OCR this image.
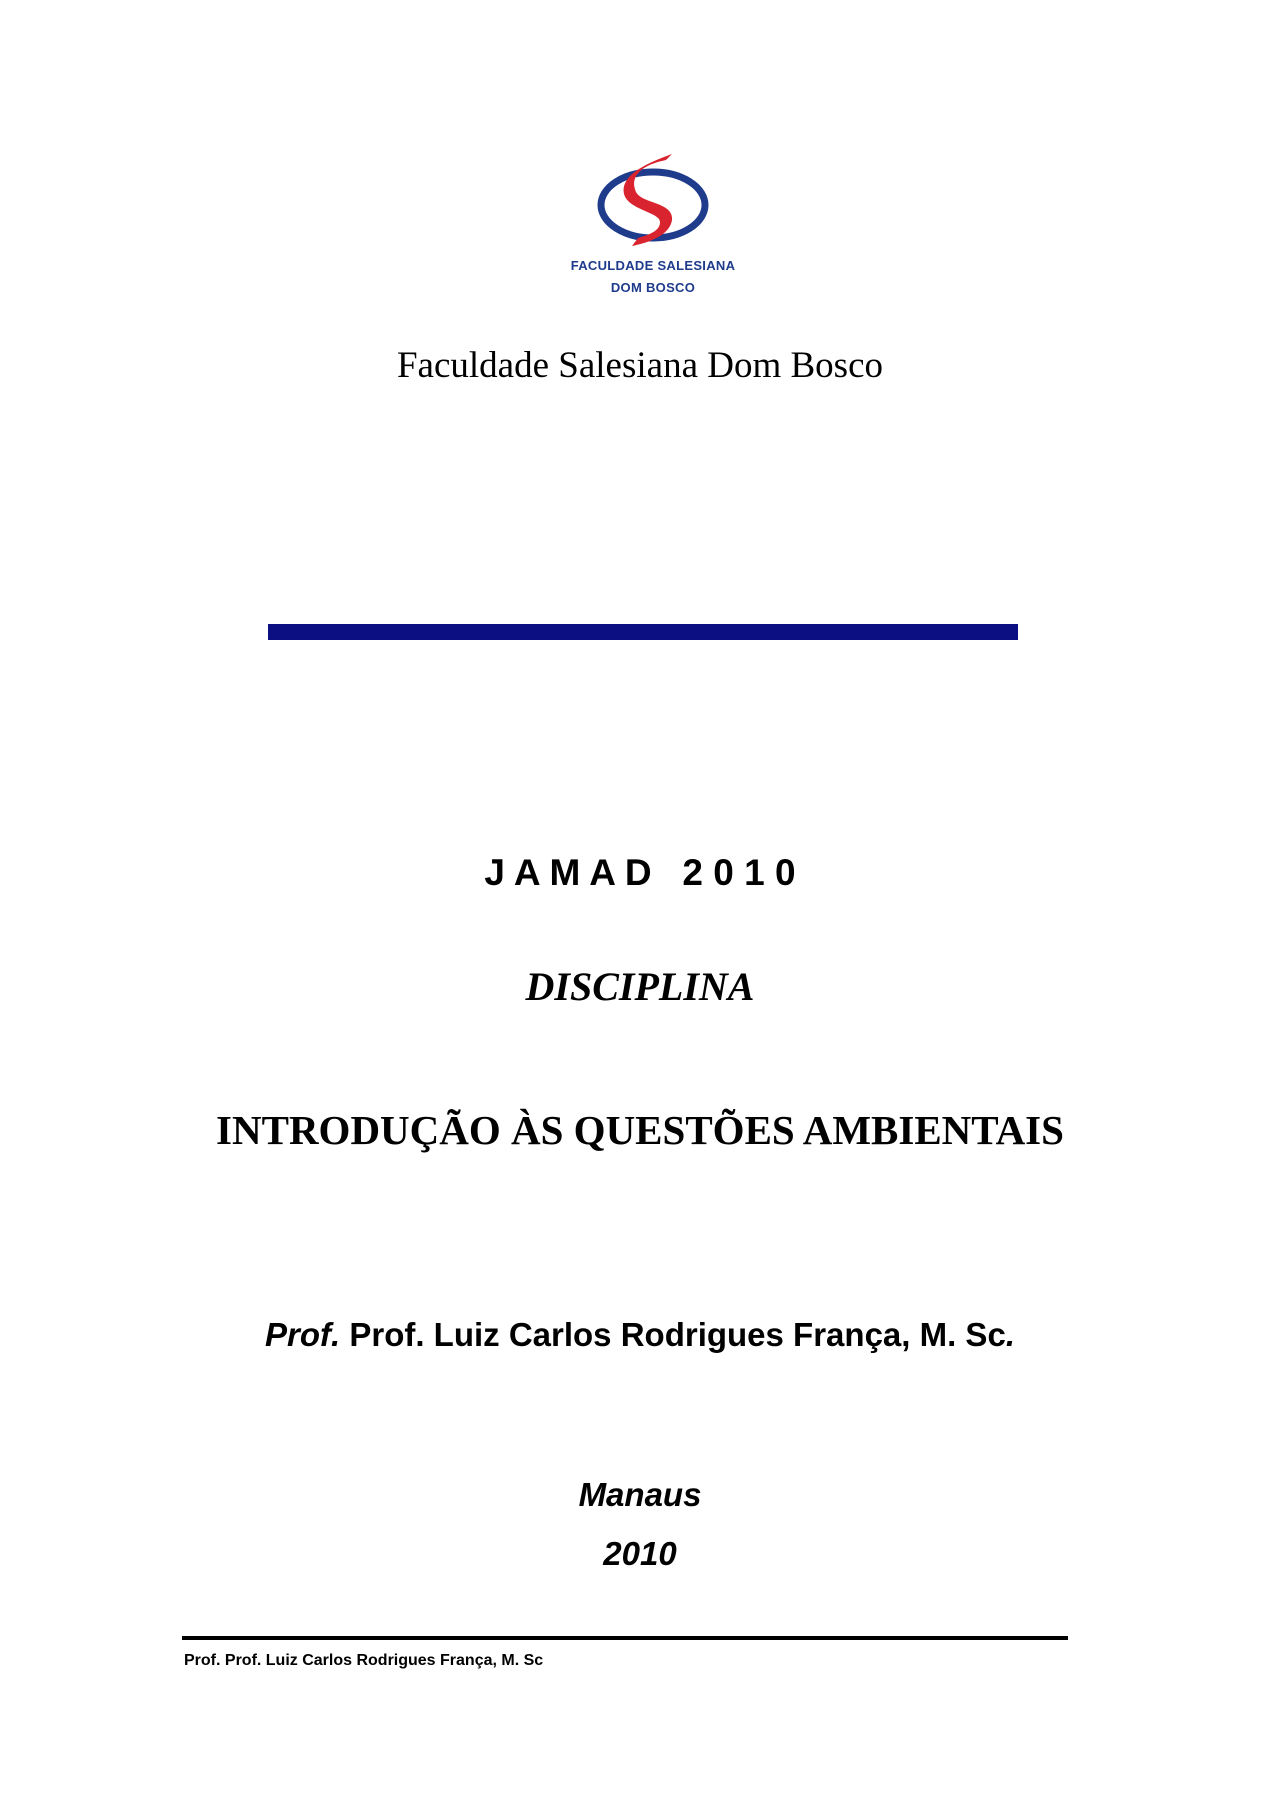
FACULDADE SALESIANA
DOM BOSCO
Faculdade Salesiana Dom Bosco
J A M A D   2 0 1 0
DISCIPLINA
INTRODUÇÃO ÀS QUESTÕES AMBIENTAIS
Prof. Prof. Luiz Carlos Rodrigues França, M. Sc.
Manaus
2010
Prof. Prof. Luiz Carlos Rodrigues França, M. Sc
